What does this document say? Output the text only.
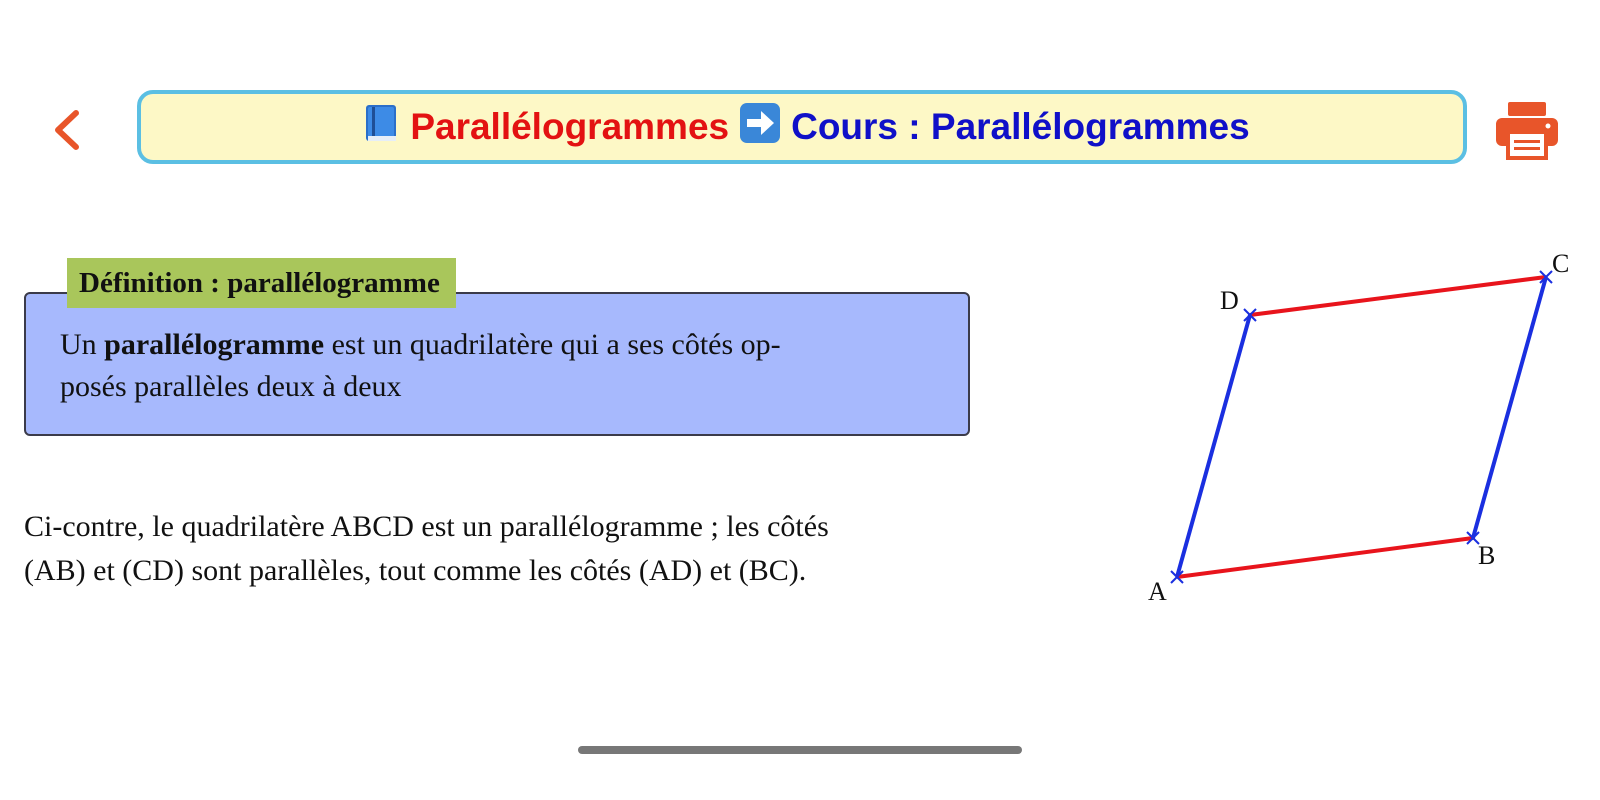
Parallélogrammes Cours : Parallélogrammes
Définition : parallélogramme
Un parallélogramme est un quadrilatère qui a ses côtés op-
posés parallèles deux à deux
Ci-contre, le quadrilatère ABCD est un parallélogramme ; les côtés
(AB) et (CD) sont parallèles, tout comme les côtés (AD) et (BC).
A
B
C
D
